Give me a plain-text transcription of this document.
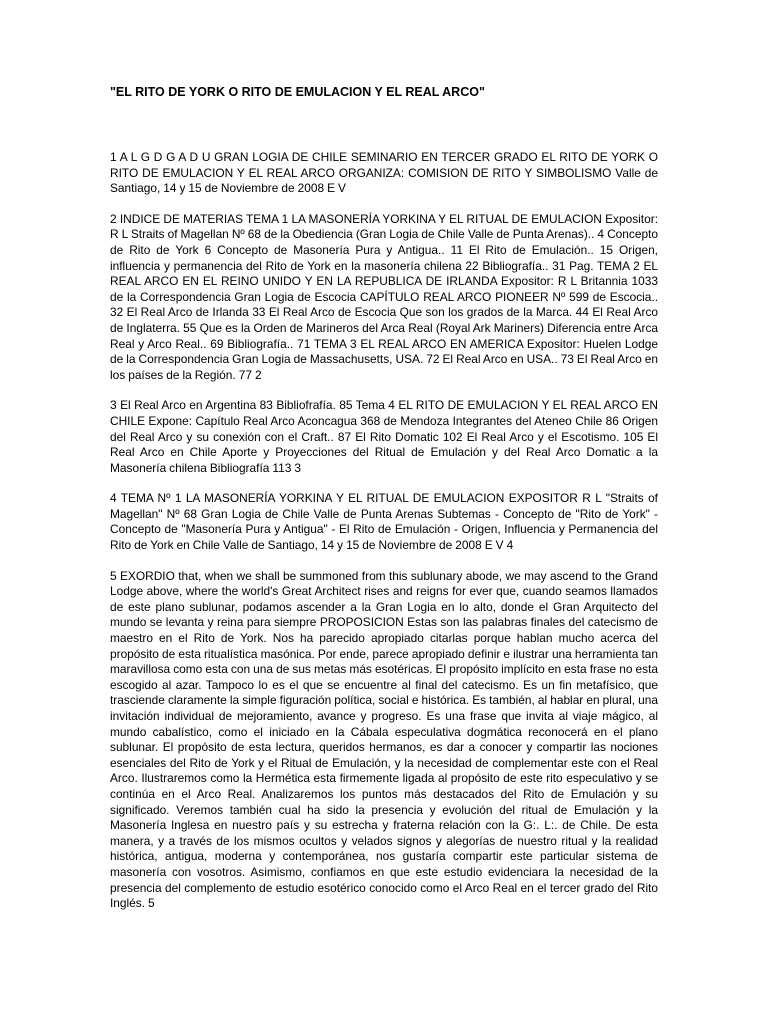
"EL RITO DE YORK O RITO DE EMULACION Y EL REAL ARCO"

1 A L G D G A D U GRAN LOGIA DE CHILE SEMINARIO EN TERCER GRADO EL RITO DE YORK O RITO DE EMULACION Y EL REAL ARCO ORGANIZA: COMISION DE RITO Y SIMBOLISMO Valle de Santiago, 14 y 15 de Noviembre de 2008 E V

2 INDICE DE MATERIAS TEMA 1 LA MASONERÍA YORKINA Y EL RITUAL DE EMULACION Expositor: R L Straits of Magellan Nº 68 de la Obediencia (Gran Logia de Chile Valle de Punta Arenas).. 4 Concepto de Rito de York 6 Concepto de Masonería Pura y Antigua.. 11 El Rito de Emulación.. 15 Origen, influencia y permanencia del Rito de York en la masonería chilena 22 Bibliografía.. 31 Pag. TEMA 2 EL REAL ARCO EN EL REINO UNIDO Y EN LA REPUBLICA DE IRLANDA Expositor: R L Britannia 1033 de la Correspondencia Gran Logia de Escocia CAPÍTULO REAL ARCO PIONEER Nº 599 de Escocia.. 32 El Real Arco de Irlanda 33 El Real Arco de Escocia Que son los grados de la Marca. 44 El Real Arco de Inglaterra. 55 Que es la Orden de Marineros del Arca Real (Royal Ark Mariners) Diferencia entre Arca Real y Arco Real.. 69 Bibliografía.. 71 TEMA 3 EL REAL ARCO EN AMERICA Expositor: Huelen Lodge de la Correspondencia Gran Logia de Massachusetts, USA. 72 El Real Arco en USA.. 73 El Real Arco en los países de la Región. 77 2

3 El Real Arco en Argentina 83 Bibliofrafía. 85 Tema 4 EL RITO DE EMULACION Y EL REAL ARCO EN CHILE Expone: Capítulo Real Arco Aconcagua 368 de Mendoza Integrantes del Ateneo Chile 86 Origen del Real Arco y su conexión con el Craft.. 87 El Rito Domatic 102 El Real Arco y el Escotismo. 105 El Real Arco en Chile Aporte y Proyecciones del Ritual de Emulación y del Real Arco Domatic a la Masonería chilena Bibliografía 113 3

4 TEMA Nº 1 LA MASONERÍA YORKINA Y EL RITUAL DE EMULACION EXPOSITOR R L "Straits of Magellan" Nº 68 Gran Logia de Chile Valle de Punta Arenas Subtemas - Concepto de "Rito de York" - Concepto de "Masonería Pura y Antigua" - El Rito de Emulación - Origen, Influencia y Permanencia del Rito de York en Chile Valle de Santiago, 14 y 15 de Noviembre de 2008 E V 4

5 EXORDIO that, when we shall be summoned from this sublunary abode, we may ascend to the Grand Lodge above, where the world's Great Architect rises and reigns for ever que, cuando seamos llamados de este plano sublunar, podamos ascender a la Gran Logia en lo alto, donde el Gran Arquitecto del mundo se levanta y reina para siempre PROPOSICION Estas son las palabras finales del catecismo de maestro en el Rito de York. Nos ha parecido apropiado citarlas porque hablan mucho acerca del propósito de esta ritualística masónica. Por ende, parece apropiado definir e ilustrar una herramienta tan maravillosa como esta con una de sus metas más esotéricas. El propósito implícito en esta frase no esta escogido al azar. Tampoco lo es el que se encuentre al final del catecismo. Es un fin metafísico, que trasciende claramente la simple figuración política, social e histórica. Es también, al hablar en plural, una invitación individual de mejoramiento, avance y progreso. Es una frase que invita al viaje mágico, al mundo cabalístico, como el iniciado en la Cábala especulativa dogmática reconocerá en el plano sublunar. El propósito de esta lectura, queridos hermanos, es dar a conocer y compartir las nociones esenciales del Rito de York y el Ritual de Emulación, y la necesidad de complementar este con el Real Arco. Ilustraremos como la Hermética esta firmemente ligada al propósito de este rito especulativo y se continúa en el Arco Real. Analizaremos los puntos más destacados del Rito de Emulación y su significado. Veremos también cual ha sido la presencia y evolución del ritual de Emulación y la Masonería Inglesa en nuestro país y su estrecha y fraterna relación con la G:. L:. de Chile. De esta manera, y a través de los mismos ocultos y velados signos y alegorías de nuestro ritual y la realidad histórica, antigua, moderna y contemporánea, nos gustaría compartir este particular sistema de masonería con vosotros. Asimismo, confiamos en que este estudio evidenciara la necesidad de la presencia del complemento de estudio esotérico conocido como el Arco Real en el tercer grado del Rito Inglés. 5
